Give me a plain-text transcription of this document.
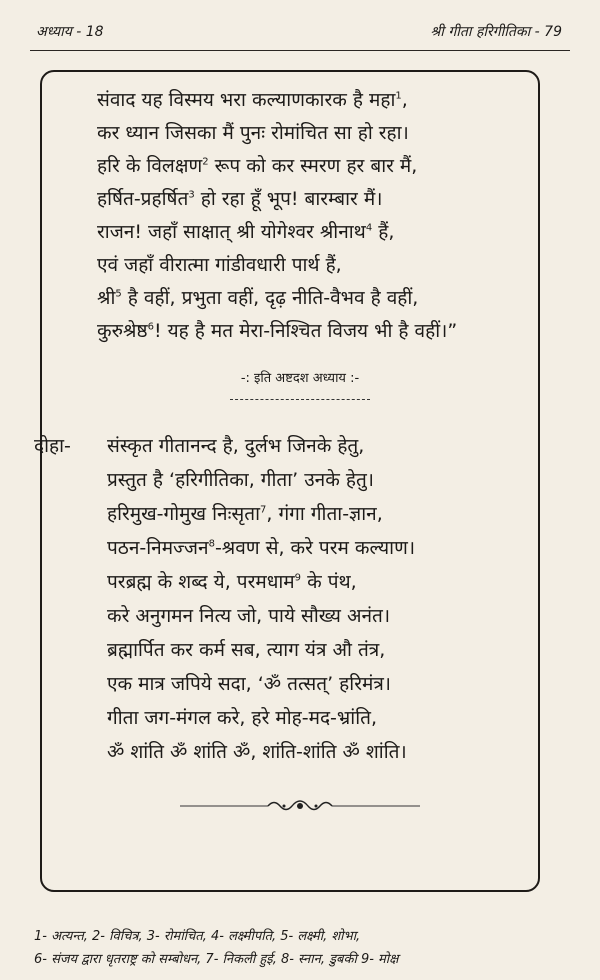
अध्याय - 18	श्री गीता हरिगीतिका - 79
संवाद यह विस्मय भरा कल्याणकारक है महा$^1$,
कर ध्यान जिसका मैं पुनः रोमांचित सा हो रहा।
हरि के विलक्षण$^2$ रूप को कर स्मरण हर बार मैं,
हर्षित-प्रहर्षित$^3$ हो रहा हूँ भूप! बारम्बार मैं।
राजन! जहाँ साक्षात् श्री योगेश्वर श्रीनाथ$^4$ हैं,
एवं जहाँ वीरात्मा गांडीवधारी पार्थ हैं,
श्री$^5$ है वहीं, प्रभुता वहीं, दृढ़ नीति-वैभव है वहीं,
कुरुश्रेष्ठ$^6$! यह है मत मेरा-निश्चित विजय भी है वहीं।”
-: इति अष्टदश अध्याय :-
दोहा- संस्कृत गीतानन्द है, दुर्लभ जिनके हेतु,
प्रस्तुत है ‘हरिगीतिका, गीता’ उनके हेतु।
हरिमुख-गोमुख निःसृता$^7$, गंगा गीता-ज्ञान,
पठन-निमज्जन$^8$-श्रवण से, करे परम कल्याण।
परब्रह्म के शब्द ये, परमधाम$^9$ के पंथ,
करे अनुगमन नित्य जो, पाये सौख्य अनंत।
ब्रह्मार्पित कर कर्म सब, त्याग यंत्र औ तंत्र,
एक मात्र जपिये सदा, ‘ॐ तत्सत्’ हरिमंत्र।
गीता जग-मंगल करे, हरे मोह-मद-भ्रांति,
ॐ शांति ॐ शांति ॐ, शांति-शांति ॐ शांति।
1- अत्यन्त, 2- विचित्र, 3- रोमांचित, 4- लक्ष्मीपति, 5- लक्ष्मी, शोभा,
6- संजय द्वारा धृतराष्ट्र को सम्बोधन, 7- निकली हुई, 8- स्नान, डुबकी 9- मोक्ष
